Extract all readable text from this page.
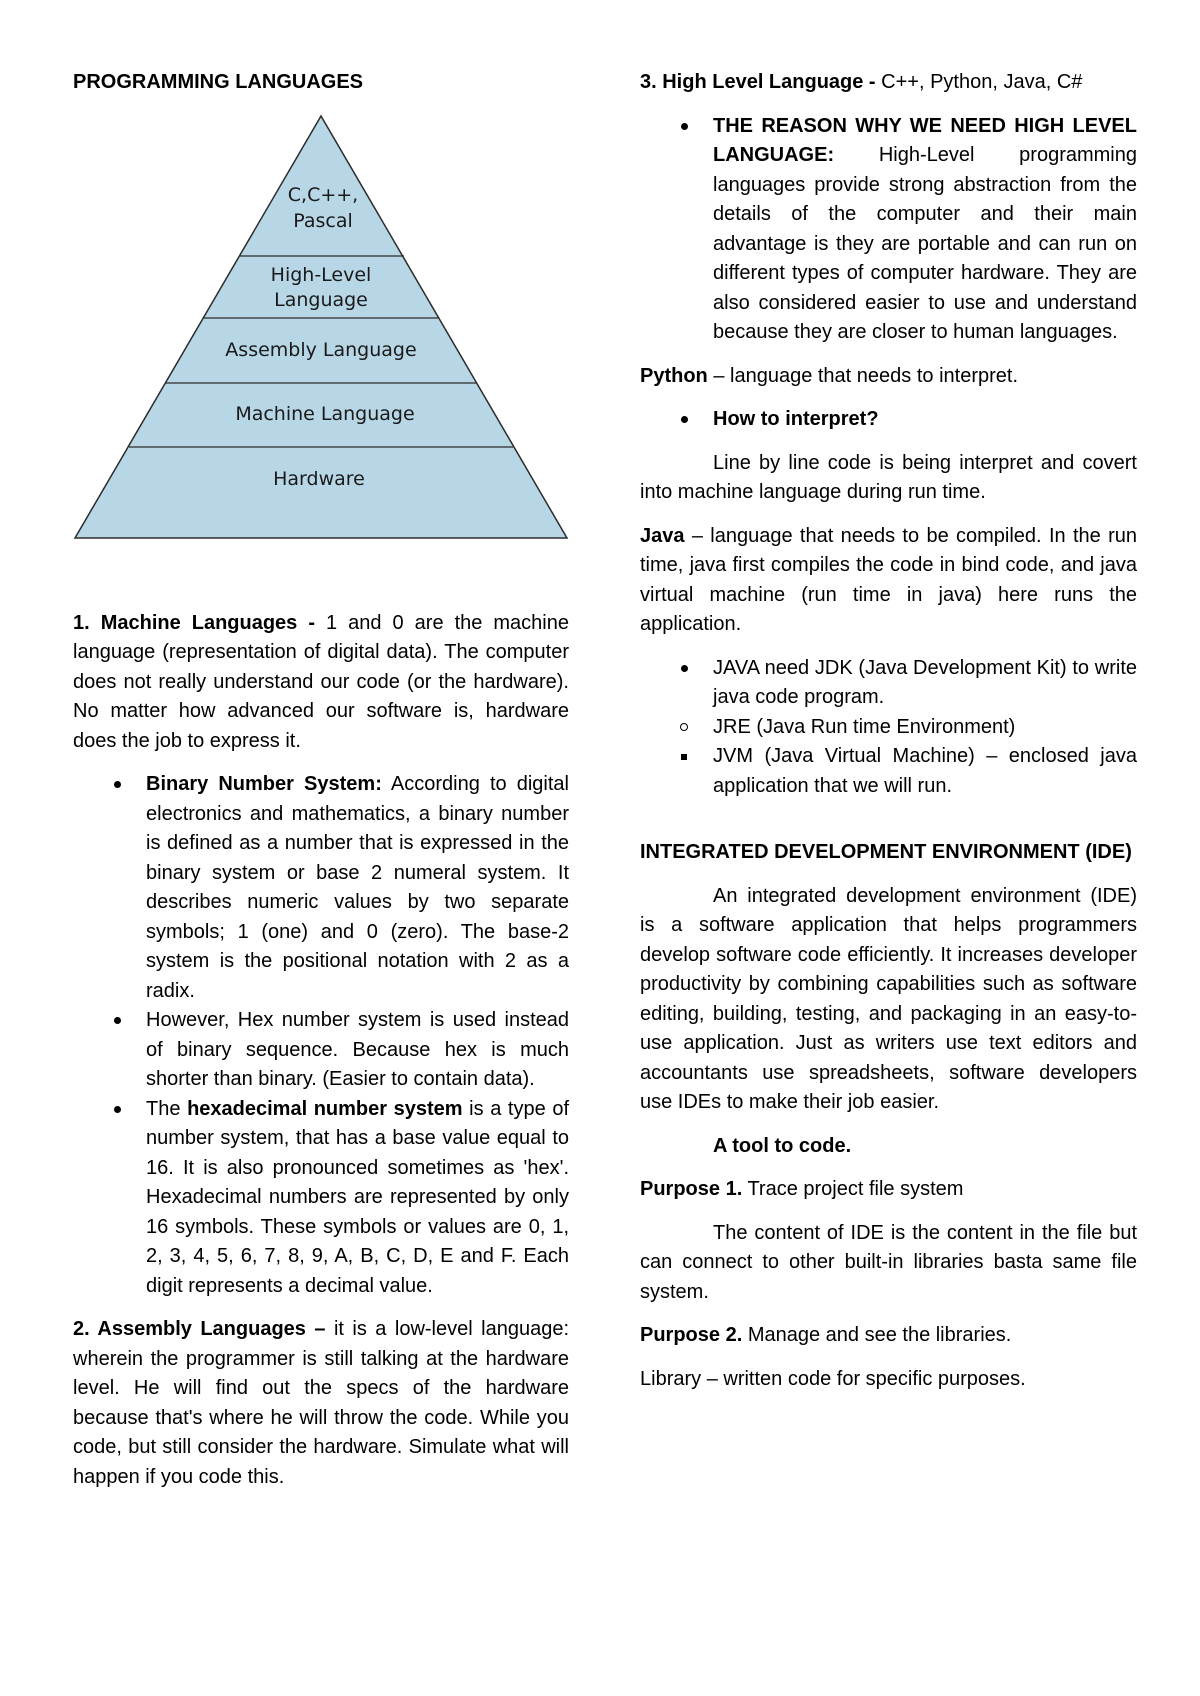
PROGRAMMING LANGUAGES

C,C++,
Pascal
High-Level
Language
Assembly Language
Machine Language
Hardware

1. Machine Languages - 1 and 0 are the machine language (representation of digital data). The computer does not really understand our code (or the hardware). No matter how advanced our software is, hardware does the job to express it.

Binary Number System: According to digital electronics and mathematics, a binary number is defined as a number that is expressed in the binary system or base 2 numeral system. It describes numeric values by two separate symbols; 1 (one) and 0 (zero). The base-2 system is the positional notation with 2 as a radix.
However, Hex number system is used instead of binary sequence. Because hex is much shorter than binary. (Easier to contain data).
The hexadecimal number system is a type of number system, that has a base value equal to 16. It is also pronounced sometimes as 'hex'. Hexadecimal numbers are represented by only 16 symbols. These symbols or values are 0, 1, 2, 3, 4, 5, 6, 7, 8, 9, A, B, C, D, E and F. Each digit represents a decimal value.

2. Assembly Languages – it is a low-level language: wherein the programmer is still talking at the hardware level. He will find out the specs of the hardware because that's where he will throw the code. While you code, but still consider the hardware. Simulate what will happen if you code this.

3. High Level Language - C++, Python, Java, C#

THE REASON WHY WE NEED HIGH LEVEL LANGUAGE: High-Level programming languages provide strong abstraction from the details of the computer and their main advantage is they are portable and can run on different types of computer hardware. They are also considered easier to use and understand because they are closer to human languages.

Python – language that needs to interpret.

How to interpret?

Line by line code is being interpret and covert into machine language during run time.

Java – language that needs to be compiled. In the run time, java first compiles the code in bind code, and java virtual machine (run time in java) here runs the application.

JAVA need JDK (Java Development Kit) to write java code program.
JRE (Java Run time Environment)
JVM (Java Virtual Machine) – enclosed java application that we will run.

INTEGRATED DEVELOPMENT ENVIRONMENT (IDE)

An integrated development environment (IDE) is a software application that helps programmers develop software code efficiently. It increases developer productivity by combining capabilities such as software editing, building, testing, and packaging in an easy-to-use application. Just as writers use text editors and accountants use spreadsheets, software developers use IDEs to make their job easier.

A tool to code.

Purpose 1. Trace project file system

The content of IDE is the content in the file but can connect to other built-in libraries basta same file system.

Purpose 2. Manage and see the libraries.

Library – written code for specific purposes.
